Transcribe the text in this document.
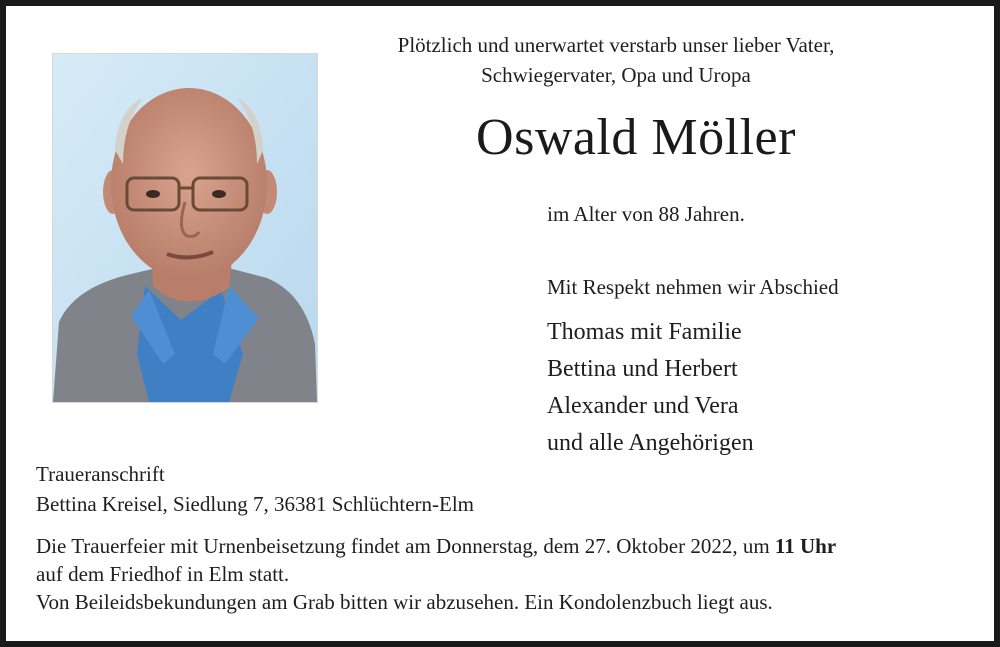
Plötzlich und unerwartet verstarb unser lieber Vater,
Schwiegervater, Opa und Uropa
Oswald Möller
im Alter von 88 Jahren.
Mit Respekt nehmen wir Abschied
Thomas mit Familie
Bettina und Herbert
Alexander und Vera
und alle Angehörigen
Traueranschrift
Bettina Kreisel, Siedlung 7, 36381 Schlüchtern-Elm
Die Trauerfeier mit Urnenbeisetzung findet am Donnerstag, dem 27. Oktober 2022, um 11 Uhr
auf dem Friedhof in Elm statt.
Von Beileidsbekundungen am Grab bitten wir abzusehen. Ein Kondolenzbuch liegt aus.
